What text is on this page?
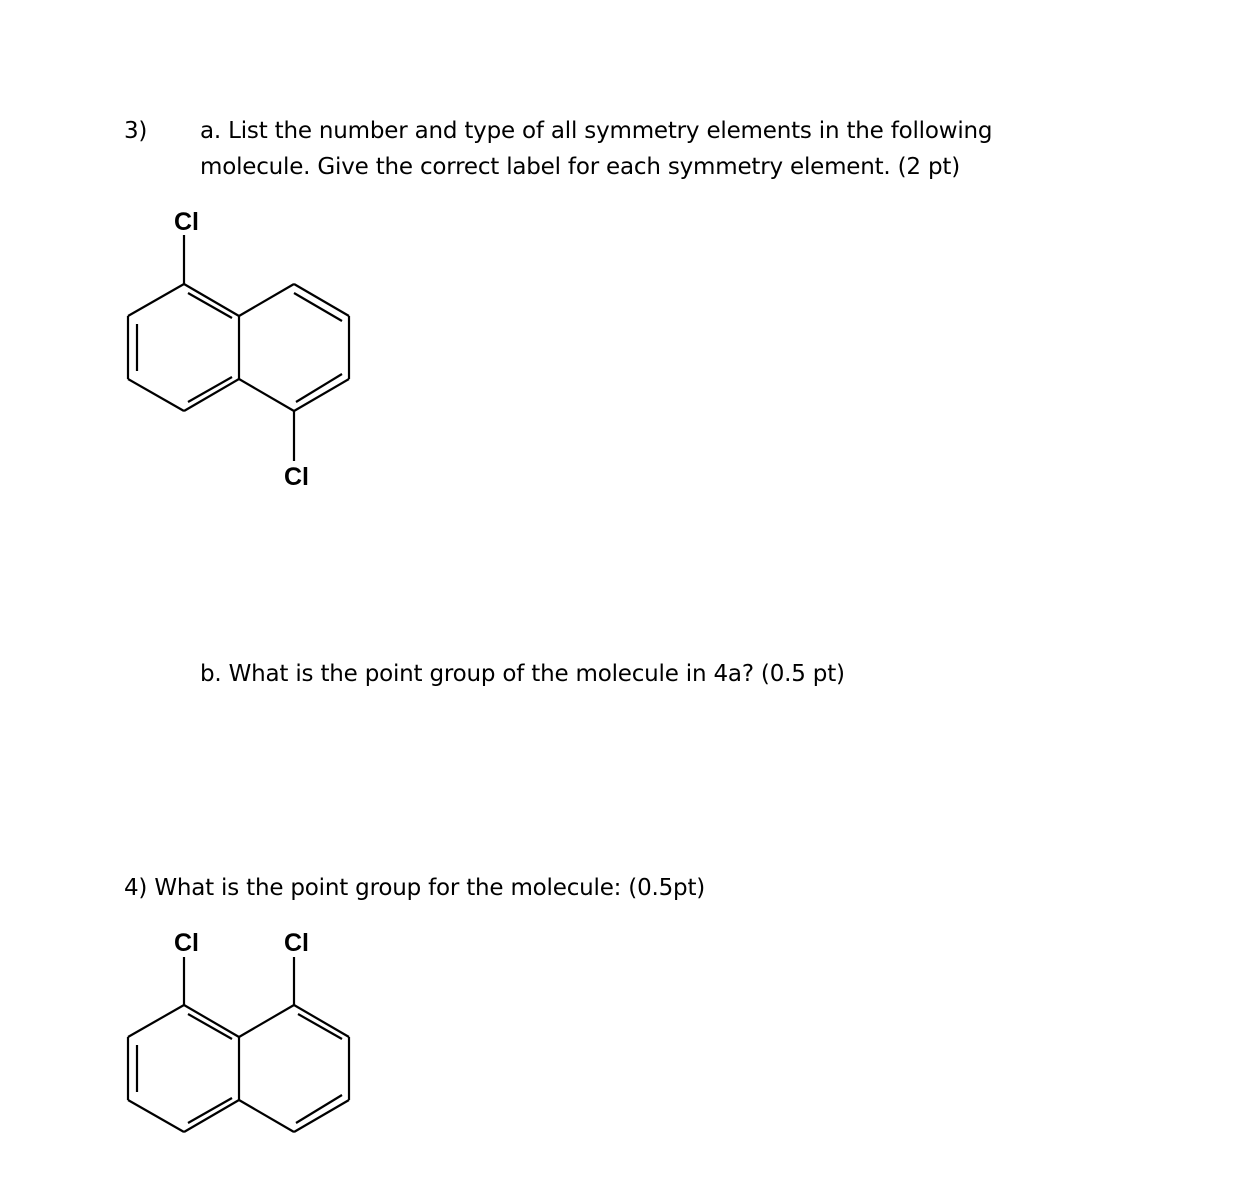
3) a. List the number and type of all symmetry elements in the following
molecule. Give the correct label for each symmetry element. (2 pt)
Cl
Cl
b. What is the point group of the molecule in 4a? (0.5 pt)
4) What is the point group for the molecule: (0.5pt)
Cl	Cl
